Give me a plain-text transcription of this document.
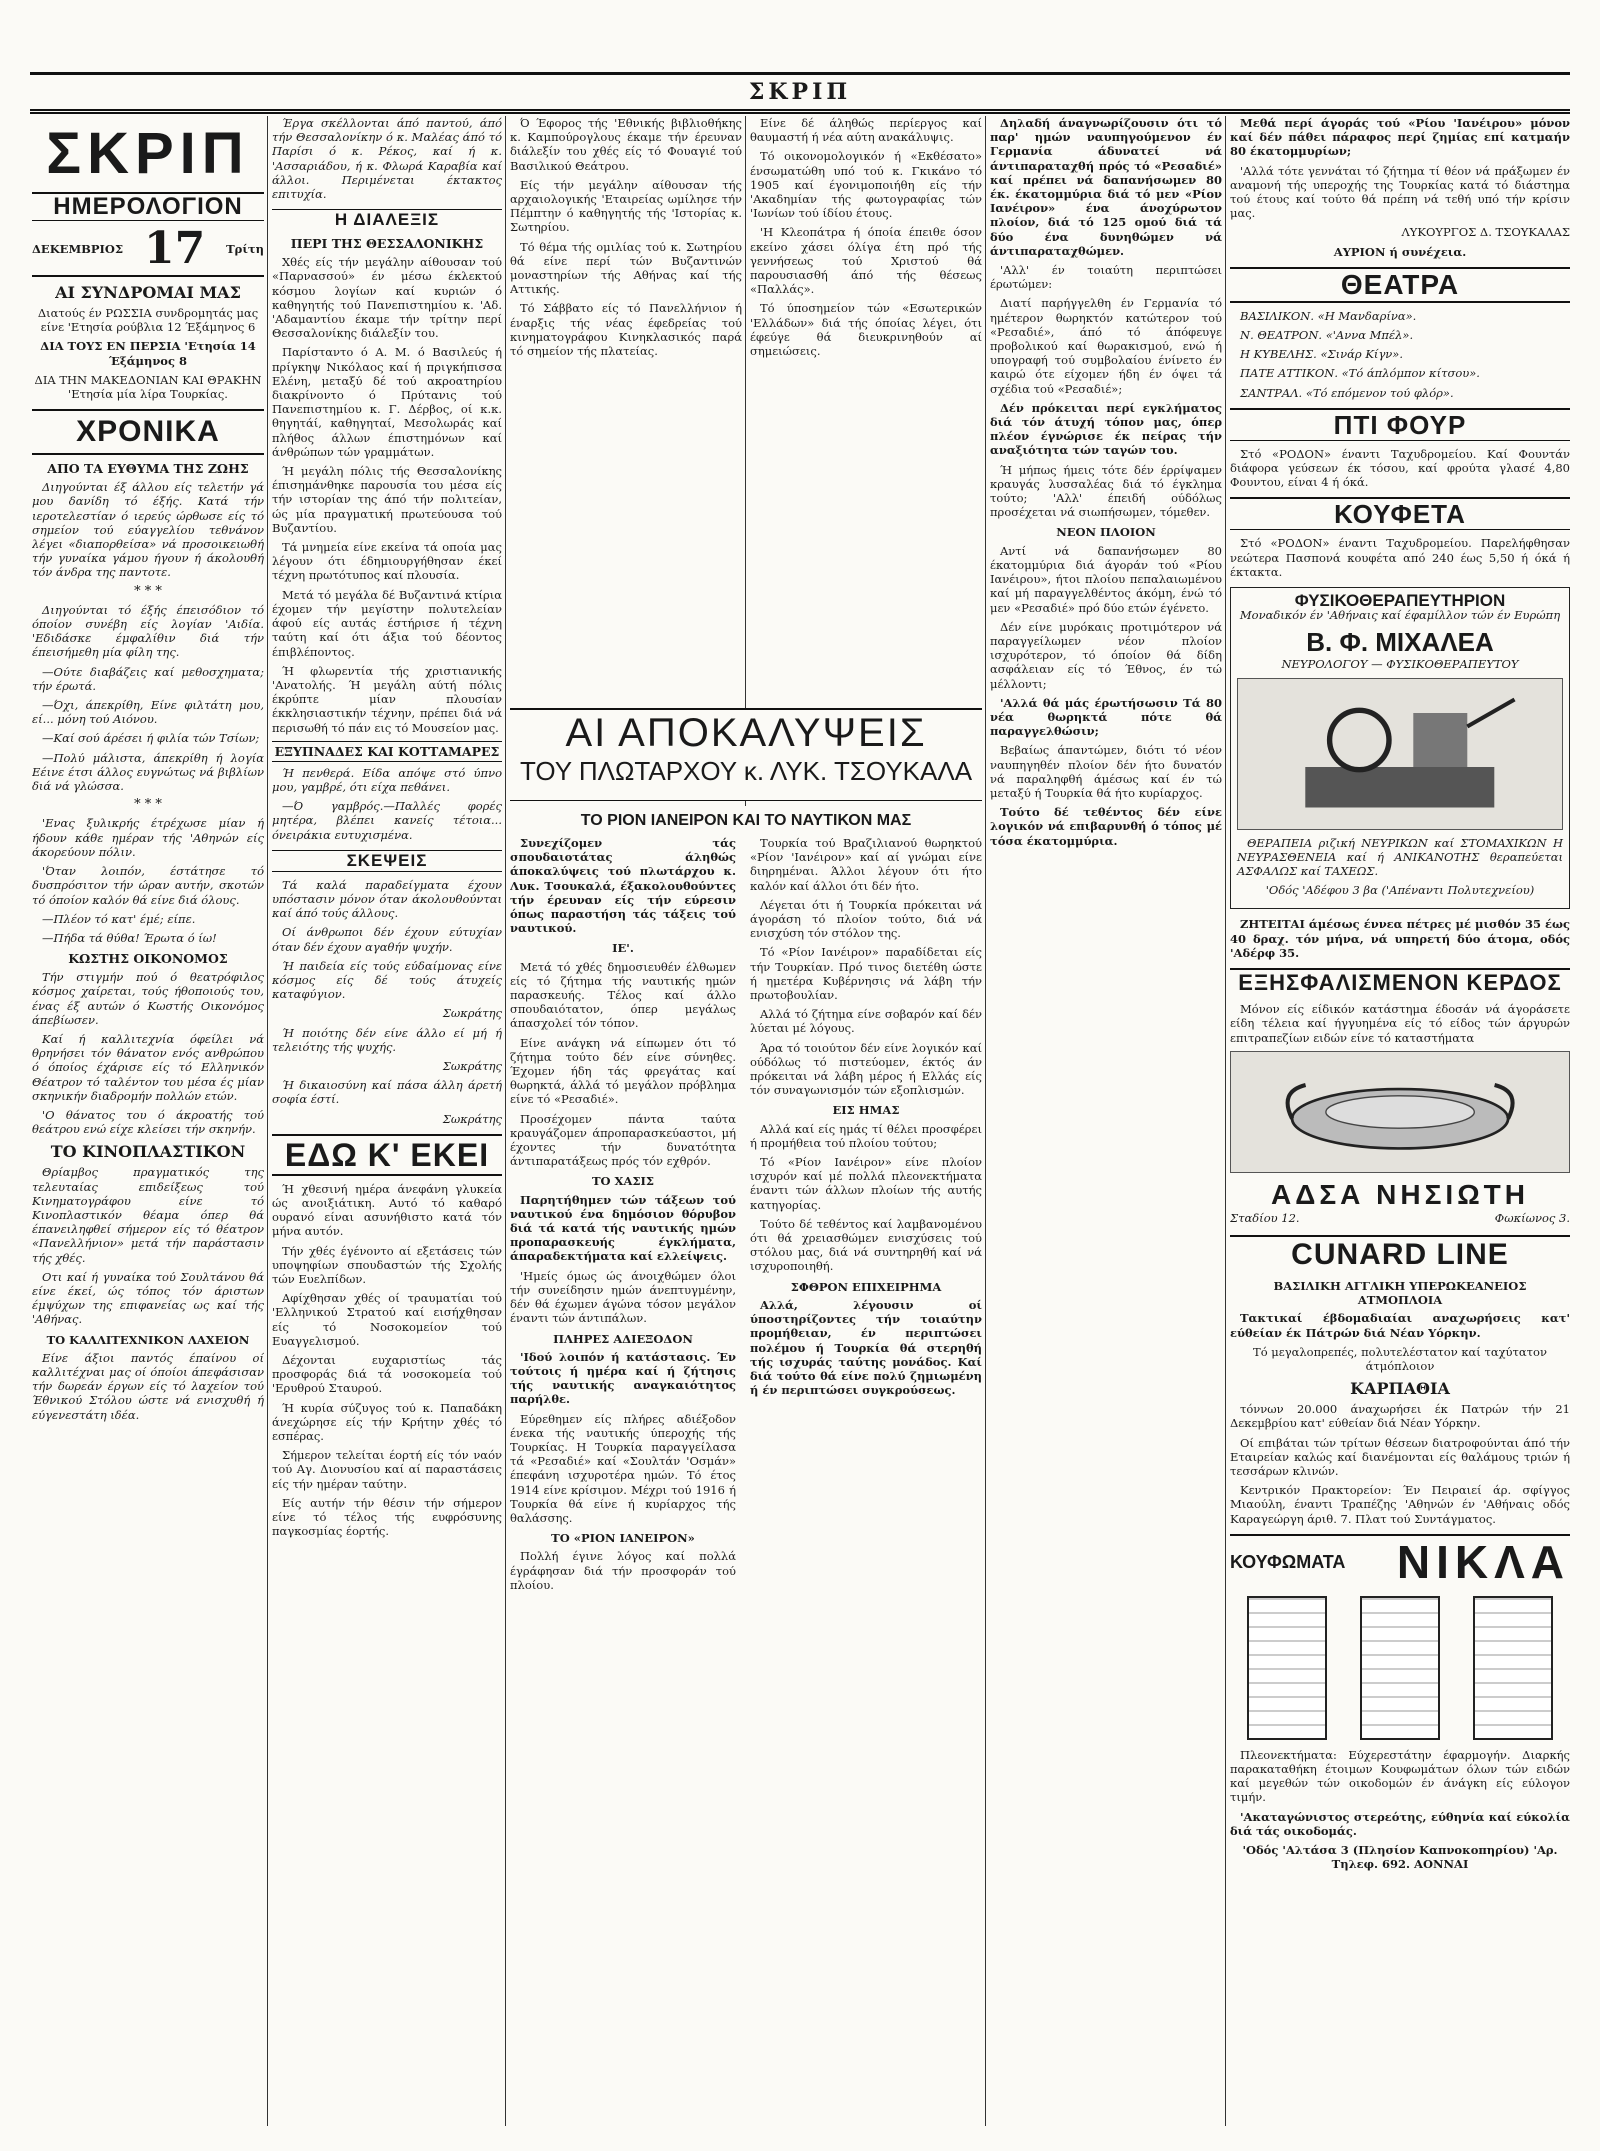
ΣΚΡΙΠ
ΣΚΡΙΠ
ΗΜΕΡΟΛΟΓΙΟΝ
ΔΕΚΕΜΒΡΙΟΣ 17 Τρίτη
ΑΙ ΣΥΝΔΡΟΜΑΙ ΜΑΣ

Διατούς έν ΡΩΣΣΙΑ συνδρομητάς μας είνε 'Ετησία ρούβλια 12 Έξάμηνος 6

ΔΙΑ ΤΟΥΣ ΕΝ ΠΕΡΣΙΑ 'Ετησία 14 Έξάμηνος 8

ΔΙΑ ΤΗΝ ΜΑΚΕΔΟΝΙΑΝ ΚΑΙ ΘΡΑΚΗΝ 'Ετησία μία λίρα Τουρκίας.

ΧΡΟΝΙΚΑ
ΑΠΟ ΤΑ ΕΥΘΥΜΑ ΤΗΣ ΖΩΗΣ

Διηγούνται έξ άλλου είς τελετήν γά μου δανίδη τό έξής. Κατά τήν ιεροτελεστίαν ό ιερεύς ώρθωσε είς τό σημείον τού εύαγγελίου τεθνάνον λέγει «διαπορθείσα» νά προσοικειωθή τήν γυναίκα γάμου ήγουν ή άκολουθή τόν άνδρα της παντοτε.

* * *

Διηγούνται τό έξής έπεισόδιον τό όποίον συνέβη είς λογίαν 'Αιδία. 'Εδιδάσκε έμφαλίθιν διά τήν έπεισήμεθη μία φίλη της.

—Ούτε διαβάζεις καί μεθοσχηματα; τήν έρωτά.

—Όχι, άπεκρίθη, Είνε φιλτάτη μου, εί... μόνη τού Αιόνου.

—Καί σού άρέσει ή φιλία τών Τσίων;

—Πολύ μάλιστα, άπεκρίθη ή λογία Εέινε έτσι άλλος ευγνώτως νά βιβλίων διά νά γλώσσα.

* * *

'Ενας ξυλικρής έτρέχωσε μίαν ή ήδουν κάθε ημέραν τής 'Αθηνών είς άκορεύουν πόλιν.

'Όταν λοιπόν, έστάτησε τό δυσπρόσιτον τήν ώραν αυτήν, σκοτών τό όποίον καλόν θά είνε διά όλους.

—Πλέον τό κατ' έμέ; είπε.

—Πήδα τά θύθα! Έρωτα ό ίω!

ΚΩΣΤΗΣ ΟΙΚΟΝΟΜΟΣ

Τήν στιγμήν πού ό θεατρόφιλος κόσμος χαίρεται, τούς ήθοποιούς του, ένας έξ αυτών ό Κωστής Οικονόμος άπεβίωσεν.

Καί ή καλλιτεχνία όφείλει νά θρηνήσει τόν θάνατον ενός ανθρώπου ό όποίος έχάρισε είς τό Ελληνικόν Θέατρον τό ταλέντον του μέσα ές μίαν σκηνικήν διαδρομήν πολλών ετών.

'Ο θάνατος του ό άκροατής τού θεάτρου ενώ είχε κλείσει τήν σκηνήν.

ΤΟ ΚΙΝΟΠΛΑΣΤΙΚΟΝ

Θρίαμβος πραγματικός της τελευταίας επιδείξεως τού Κινηματογράφου είνε τό Κινοπλαστικόν θέαμα όπερ θά έπανειληφθεί σήμερον είς τό θέατρον «Πανελλήνιον» μετά τήν παράστασιν τής χθές.

Οτι καί ή γυναίκα τού Σουλτάνου θά είνε έκεί, ώς τόπος τόν άριστων έμψύχων της επιφανείας ως καί τής 'Αθήνας.

ΤΟ ΚΑΛΛΙΤΕΧΝΙΚΟΝ ΛΑΧΕΙΟΝ

Είνε άξιοι παντός έπαίνου οί καλλιτέχναι μας οί όποίοι άπεφάσισαν τήν δωρεάν έργων είς τό λαχείον τού Έθνικού Στόλου ώστε νά ενισχυθή ή εύγενεστάτη ιδέα.

Έργα σκέλλονται άπό παντού, άπό τήν Θεσσαλονίκην ό κ. Μαλέας άπό τό Παρίσι ό κ. Ρέκος, καί ή κ. 'Ασσαριάδου, ή κ. Φλωρά Καραβία καί άλλοι. Περιμένεται έκτακτος επιτυχία.

Η ΔΙΑΛΕΞΙΣ
ΠΕΡΙ ΤΗΣ ΘΕΣΣΑΛΟΝΙΚΗΣ

Χθές είς τήν μεγάλην αίθουσαν τού «Παρνασσού» έν μέσω έκλεκτού κόσμου λογίων καί κυριών ό καθηγητής τού Πανεπιστημίου κ. 'Αδ. 'Αδαμαντίου έκαμε τήν τρίτην περί Θεσσαλονίκης διάλεξίν του.

Παρίσταντο ό Α. Μ. ό Βασιλεύς ή πρίγκηψ Νικόλαος καί ή πριγκήπισσα Ελένη, μεταξύ δέ τού ακροατηρίου διακρίνοντο ό Πρύτανις τού Πανεπιστημίου κ. Γ. Δέρβος, οί κ.κ. θηγητάί, καθηγηταί, Μεσολωράς καί πλήθος άλλων έπιστημόνων καί άνθρώπων τών γραμμάτων.

Ή μεγάλη πόλις τής Θεσσαλονίκης έπισημάνθηκε παρουσία του μέσα είς τήν ιστορίαν της άπό τήν πολιτείαν, ώς μία πραγματική πρωτεύουσα τού Βυζαντίου.

Τά μνημεία είνε εκείνα τά οποία μας λέγουν ότι έδημιουργήθησαν έκεί τέχνη πρωτότυπος καί πλουσία.

Μετά τό μεγάλα δέ Βυζαντινά κτίρια έχομεν τήν μεγίστην πολυτελείαν άφού είς αυτάς έστήρισε ή τέχνη ταύτη καί ότι άξια τού δέοντος έπιβλέποντος.

Ή φλωρεντία τής χριστιανικής 'Ανατολής. Ή μεγάλη αύτή πόλις έκρύπτε μίαν πλουσίαν έκκλησιαστικήν τέχνην, πρέπει διά νά περισωθή τό πάν εις τό Μουσείον μας.

ΕΞΥΠΝΑΔΕΣ ΚΑΙ ΚΟΤΤΑΜΑΡΕΣ

Ή πενθερά. Είδα απόψε στό ύπνο μου, γαμβρέ, ότι είχα πεθάνει.

—Ό γαμβρός.—Παλλές φορές μητέρα, βλέπει κανείς τέτοια... όνειράκια ευτυχισμένα.

ΣΚΕΨΕΙΣ

Τά καλά παραδείγματα έχουν υπόστασιν μόνον όταν άκολουθούνται καί άπό τούς άλλους.

Οί άνθρωποι δέν έχουν εύτυχίαν όταν δέν έχουν αγαθήν ψυχήν.

Ή παιδεία είς τούς εύδαίμονας είνε κόσμος είς δέ τούς άτυχείς καταφύγιον.

Σωκράτης

Ή ποιότης δέν είνε άλλο εί μή ή τελειότης τής ψυχής.

Σωκράτης

Ή δικαιοσύνη καί πάσα άλλη άρετή σοφία έστί.

Σωκράτης

ΕΔΩ Κ' ΕΚΕΙ

Ή χθεσινή ημέρα άνεφάνη γλυκεία ώς ανοιξιάτικη. Αυτό τό καθαρό ουρανό είναι ασυνήθιστο κατά τόν μήνα αυτόν.

Τήν χθές έγένοντο αί εξετάσεις τών υποψηφίων σπουδαστών τής Σχολής τών Ευελπίδων.

Αφίχθησαν χθές οί τραυματίαι τού 'Ελληνικού Στρατού καί εισήχθησαν είς τό Νοσοκομείον τού Ευαγγελισμού.

Δέχονται ευχαριστίως τάς προσφοράς διά τά νοσοκομεία τού 'Ερυθρού Σταυρού.

Ή κυρία σύζυγος τού κ. Παπαδάκη άνεχώρησε είς τήν Κρήτην χθές τό εσπέρας.

Σήμερον τελείται έορτή είς τόν ναόν τού Αγ. Διονυσίου καί αί παραστάσεις είς τήν ημέραν ταύτην.

Είς αυτήν τήν θέσιν τήν σήμερον είνε τό τέλος τής ευφρόσυνης παγκοσμίας έορτής.

Ό Έφορος τής 'Εθνικής βιβλιοθήκης κ. Καμπούρογλους έκαμε τήν έρευναν διάλεξίν του χθές είς τό Φουαγιέ τού Βασιλικού Θεάτρου.

Είς τήν μεγάλην αίθουσαν τής αρχαιολογικής 'Εταιρείας ωμίλησε τήν Πέμπτην ό καθηγητής τής 'Ιστορίας κ. Σωτηρίου.

Τό θέμα τής ομιλίας τού κ. Σωτηρίου θά είνε περί τών Βυζαντινών μοναστηρίων τής Αθήνας καί τής Αττικής.

Τό Σάββατο είς τό Πανελλήνιον ή έναρξις τής νέας έφεδρείας τού κινηματογράφου Κινηκλασικός παρά τό σημείον τής πλατείας.

Είνε δέ άληθώς περίεργος καί θαυμαστή ή νέα αύτη ανακάλυψις.

Τό οικονομολογικόν ή «Εκθέσατο» ένσωματώθη υπό τού κ. Γκικάνο τό 1905 καί έγονιμοποιήθη είς τήν 'Ακαδημίαν τής φωτογραφίας τών 'Ιωνίων τού ίδίου έτους.

'Η Κλεοπάτρα ή όποία έπειθε όσον εκείνο χάσει όλίγα έτη πρό τής γεννήσεως τού Χριστού θά παρουσιασθή άπό τής θέσεως «Παλλάς».

Τό ύποσημείον τών «Εσωτερικών 'Ελλάδων» διά τής όποίας λέγει, ότι έφεύγε θά διευκρινηθούν αί σημειώσεις.

ΑΙ ΑΠΟΚΑΛΥΨΕΙΣ
ΤΟΥ ΠΛΩΤΑΡΧΟΥ κ. ΛΥΚ. ΤΣΟΥΚΑΛΑ
ΤΟ ΡΙΟΝ ΙΑΝΕΙΡΟΝ ΚΑΙ ΤΟ ΝΑΥΤΙΚΟΝ ΜΑΣ

Συνεχίζομεν τάς σπουδαιοτάτας άληθώς άποκαλύψεις τού πλωτάρχου κ. Λυκ. Τσουκαλά, έξακολουθούντες τήν έρευναν είς τήν εύρεσιν όπως παραστήση τάς τάξεις τού ναυτικού.

ΙΕ'.

Μετά τό χθές δημοσιευθέν έλθωμεν είς τό ζήτημα τής ναυτικής ημών παρασκευής. Τέλος καί άλλο σπουδαιότατον, όπερ μεγάλως άπασχολεί τόν τόπον.

Είνε ανάγκη νά είπωμεν ότι τό ζήτημα τούτο δέν είνε σύνηθες. Έχομεν ήδη τάς φρεγάτας καί θωρηκτά, άλλά τό μεγάλον πρόβλημα είνε τό «Ρεσαδιέ».

Προσέχομεν πάντα ταύτα κραυγάζομεν άπροπαρασκεύαστοι, μή έχοντες τήν δυνατότητα άντιπαρατάξεως πρός τόν εχθρόν.

ΤΟ ΧΑΣΙΣ

Παρητήθημεν τών τάξεων τού ναυτικού ένα δημόσιον θόρυβον διά τά κατά τής ναυτικής ημών προπαρασκευής έγκλήματα, άπαραδεκτήματα καί ελλείψεις.

'Ημείς όμως ώς άνοιχθώμεν όλοι τήν συνείδησιν ημών άνεπτυγμένην, δέν θά έχωμεν άγώνα τόσον μεγάλον έναντι τών άντιπάλων.

ΠΛΗΡΕΣ ΑΔΙΕΞΟΔΟΝ

'Ιδού λοιπόν ή κατάστασις. Έν τούτοις ή ημέρα καί ή ζήτησις τής ναυτικής αναγκαιότητος παρήλθε.

Εύρεθημεν είς πλήρες αδιέξοδον ένεκα τής ναυτικής ύπεροχής τής Τουρκίας. Η Τουρκία παραγγείλασα τά «Ρεσαδιέ» καί «Σουλτάν 'Οσμάν» έπεφάνη ισχυροτέρα ημών. Τό έτος 1914 είνε κρίσιμον. Μέχρι τού 1916 ή Τουρκία θά είνε ή κυρίαρχος τής θαλάσσης.

ΤΟ «ΡΙΟΝ ΙΑΝΕΙΡΟΝ»

Πολλή έγινε λόγος καί πολλά έγράφησαν διά τήν προσφοράν τού πλοίου.

Τουρκία τού Βραζιλιανού θωρηκτού «Ρίον 'Ιανέιρον» καί αί γνώμαι είνε διηρημέναι. Άλλοι λέγουν ότι ήτο καλόν καί άλλοι ότι δέν ήτο.

Λέγεται ότι ή Τουρκία πρόκειται νά άγοράση τό πλοίον τούτο, διά νά ενισχύση τόν στόλον της.

Τό «Ρίον Ιανέιρον» παραδίδεται είς τήν Τουρκίαν. Πρό τινος διετέθη ώστε ή ημετέρα Κυβέρνησις νά λάβη τήν πρωτοβουλίαν.

Αλλά τό ζήτημα είνε σοβαρόν καί δέν λύεται μέ λόγους.

Άρα τό τοιούτον δέν είνε λογικόν καί ούδόλως τό πιστεύομεν, έκτός άν πρόκειται νά λάβη μέρος ή Ελλάς είς τόν συναγωνισμόν τών εξοπλισμών.

ΕΙΣ ΗΜΑΣ

Αλλά καί είς ημάς τί θέλει προσφέρει ή προμήθεια τού πλοίου τούτου;

Τό «Ρίον Ιανέιρον» είνε πλοίον ισχυρόν καί μέ πολλά πλεονεκτήματα έναντι τών άλλων πλοίων τής αυτής κατηγορίας.

Τούτο δέ τεθέντος καί λαμβανομένου ότι θά χρειασθώμεν ενισχύσεις τού στόλου μας, διά νά συντηρηθή καί νά ισχυροποιηθή.

ΣΦΘΡΟΝ ΕΠΙΧΕΙΡΗΜΑ

Αλλά, λέγουσιν οί ύποστηρίζοντες τήν τοιαύτην προμήθειαν, έν περιπτώσει πολέμου ή Τουρκία θά στερηθή τής ισχυράς ταύτης μονάδος. Καί διά τούτο θά είνε πολύ ζημιωμένη ή έν περιπτώσει συγκρούσεως.

Δηλαδή άναγνωρίζουσιν ότι τό παρ' ημών ναυπηγούμενον έν Γερμανία άδυνατεί νά άντιπαραταχθή πρός τό «Ρεσαδιέ» καί πρέπει νά δαπανήσωμεν 80 έκ. έκατομμύρια διά τό μεν «Ρίον Ιανέιρον» ένα άνοχύρωτον πλοίον, διά τό 125 ομού διά τά δύο ένα δυνηθώμεν νά άντιπαραταχθώμεν.

'Αλλ' έν τοιαύτη περιπτώσει έρωτώμεν:

Διατί παρήγγελθη έν Γερμανία τό ημέτερον θωρηκτόν κατώτερον τού «Ρεσαδιέ», άπό τό άπόφευγε προβολικού καί θωρακισμού, ενώ ή υπογραφή τού συμβολαίου ένίνετο έν καιρώ ότε είχομεν ήδη έν όψει τά σχέδια τού «Ρεσαδιέ»;

Δέν πρόκειται περί εγκλήματος διά τόν άτυχή τόπον μας, όπερ πλέον έγνώρισε έκ πείρας τήν αναξιότητα τών ταγών του.

Ή μήπως ήμεις τότε δέν έρρίψαμεν κραυγάς λυσσαλέας διά τό έγκλημα τούτο; 'Αλλ' έπειδή ούδόλως προσέχεται νά σιωπήσωμεν, τόμεθεν.

ΝΕΟΝ ΠΛΟΙΟΝ

Αντί νά δαπανήσωμεν 80 έκατομμύρια διά άγοράν τού «Ρίου Ιανέιρου», ήτοι πλοίου πεπαλαιωμένου καί μή παραγγελθέντος άκόμη, ένώ τό μεν «Ρεσαδιέ» πρό δύο ετών έγένετο.

Δέν είνε μυρόκαις προτιμότερον νά παραγγείλωμεν νέον πλοίον ισχυρότερον, τό όποίον θά δίδη ασφάλειαν είς τό Έθνος, έν τώ μέλλοντι;

'Αλλά θά μάς έρωτήσωσιν Τά 80 νέα θωρηκτά πότε θά παραγγελθώσιν;

Βεβαίως άπαντώμεν, διότι τό νέον ναυπηγηθέν πλοίον δέν ήτο δυνατόν νά παραληφθή άμέσως καί έν τώ μεταξύ ή Τουρκία θά ήτο κυρίαρχος.

Τούτο δέ τεθέντος δέν είνε λογικόν νά επιβαρυνθή ό τόπος μέ τόσα έκατομμύρια.

Μεθά περί άγοράς τού «Ρίου 'Ιανέιρου» μόνον καί δέν πάθει πάραφος περί ζημίας επί κατμαήν 80 έκατομμυρίων;

'Αλλά τότε γεννάται τό ζήτημα τί θέον νά πράξωμεν έν αναμονή τής υπεροχής της Τουρκίας κατά τό διάστημα τού έτους καί τούτο θά πρέπη νά τεθή υπό τήν κρίσιν μας.

ΛΥΚΟΥΡΓΟΣ Δ. ΤΣΟΥΚΑΛΑΣ

ΑΥΡΙΟΝ ή συνέχεια.

ΘΕΑΤΡΑ

ΒΑΣΙΛΙΚΟΝ. «Η Μανδαρίνα».

Ν. ΘΕΑΤΡΟΝ. «'Αννα Μπέλ».

Η ΚΥΒΕΛΗΣ. «Σινάρ Κίγν».

ΠΑΤΕ ΑΤΤΙΚΟΝ. «Τό άπλόμπον κίτσου».

ΣΑΝΤΡΑΛ. «Τό επόμενον τού φλόρ».

ΠΤΙ ΦΟΥΡ

Στό «ΡΟΔΟΝ» έναντι Ταχυδρομείου. Καί Φουντάν διάφορα γεύσεων έκ τόσου, καί φρούτα γλασέ 4,80 Φουντου, είναι 4 ή όκά.

ΚΟΥΦΕΤΑ

Στό «ΡΟΔΟΝ» έναντι Ταχυδρομείου. Παρελήφθησαν νεώτερα Πασπονά κουφέτα από 240 έως 5,50 ή όκά ή έκτακτα.

ΦΥΣΙΚΟΘΕΡΑΠΕΥΤΗΡΙΟΝ

Μοναδικόν έν 'Αθήναις καί έφαμίλλον τών έν Ευρώπη

Β. Φ. ΜΙΧΑΛΕΑ

ΝΕΥΡΟΛΟΓΟΥ — ΦΥΣΙΚΟΘΕΡΑΠΕΥΤΟΥ

ΘΕΡΑΠΕΙΑ ριζική ΝΕΥΡΙΚΩΝ καί ΣΤΟΜΑΧΙΚΩΝ Η ΝΕΥΡΑΣΘΕΝΕΙΑ καί ή ΑΝΙΚΑΝΟΤΗΣ θεραπεύεται ΑΣΦΑΛΩΣ καί ΤΑΧΕΩΣ.

'Οδός 'Αδέφου 3 βα ('Απέναντι Πολυτεχνείου)

ΖΗΤΕΙΤΑΙ άμέσως έννεα πέτρες μέ μισθόν 35 έως 40 δραχ. τόν μήνα, νά υπηρετή δύο άτομα, οδός 'Αδέρφ 35.

ΕΞΗΣΦΑΛΙΣΜΕΝΟΝ ΚΕΡΔΟΣ

Μόνον είς είδικόν κατάστημα έδοσάν νά άγοράσετε είδη τέλεια καί ήγγυημένα είς τό είδος τών άργυρών επιτραπεζίων ειδών είνε τό καταστήματα

ΑΔΣΑ ΝΗΣΙΩΤΗ
Σταδίου 12.	Φωκίωνος 3.
CUNARD LINE
ΒΑΣΙΛΙΚΗ ΑΓΓΛΙΚΗ ΥΠΕΡΩΚΕΑΝΕΙΟΣ ΑΤΜΟΠΛΟΙΑ

Τακτικαί έβδομαδιαίαι αναχωρήσεις κατ' εύθείαν έκ Πάτρών διά Νέαν Υόρκην.

Τό μεγαλοπρεπές, πολυτελέστατον καί ταχύτατον άτμόπλοιον

ΚΑΡΠΑΘΙΑ

τόννων 20.000 άναχωρήσει έκ Πατρών τήν 21 Δεκεμβρίου κατ' εύθείαν διά Νέαν Υόρκην.

Οί επιβάται τών τρίτων θέσεων διατροφούνται άπό τήν Εταιρείαν καλώς καί διανέμονται είς θαλάμους τριών ή τεσσάρων κλινών.

Κεντρικόν Πρακτορείον: Έν Πειραιεί άρ. σφίγγος Μιαούλη, έναντι Τραπέζης 'Αθηνών έν 'Αθήναις οδός Καραγεώργη άριθ. 7. Πλατ τού Συντάγματος.

ΚΟΥΦΩΜΑΤΑ ΝΙΚΛΑ

Πλεονεκτήματα: Εύχερεστάτην έφαρμογήν. Διαρκής παρακαταθήκη έτοιμων Κουφωμάτων όλων τών ειδών καί μεγεθών τών οικοδομών έν άνάγκη είς εύλογον τιμήν.

'Ακαταγώνιστος στερεότης, εύθηνία καί εύκολία διά τάς οικοδομάς.

'Οδός 'Αλτάσα 3 (Πλησίον Καπνοκοπηρίου) 'Αρ. Τηλεφ. 692. ΑΟΝΝΑΙ
